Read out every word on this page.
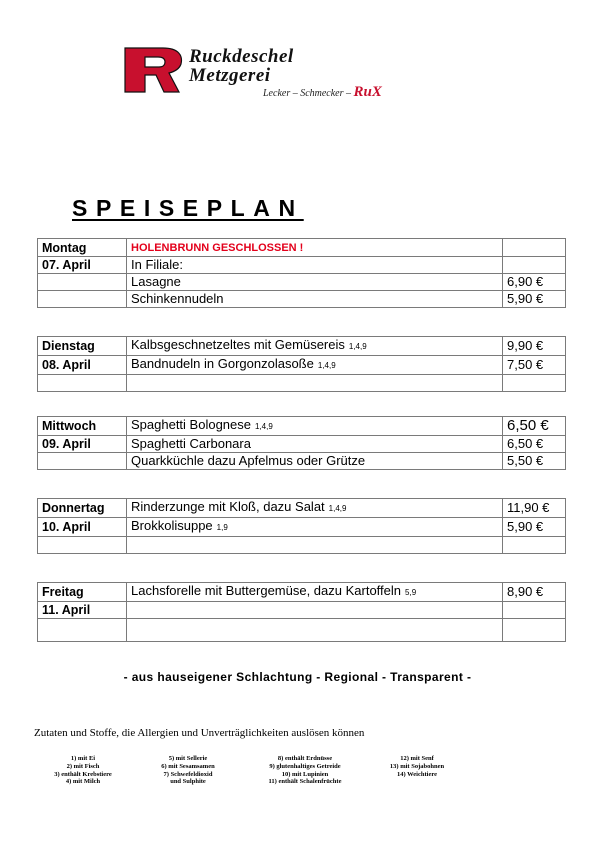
Ruckdeschel
Metzgerei
Lecker – Schmecker – RuX
SPEISEPLAN
Montag	HOLENBRUNN GESCHLOSSEN !	
07. April	In Filiale:	
	Lasagne	6,90 €
	Schinkennudeln	5,90 €
Dienstag	Kalbsgeschnetzeltes mit Gemüsereis 1,4,9	9,90 €
08. April	Bandnudeln in Gorgonzolasoße 1,4,9	7,50 €

Mittwoch	Spaghetti Bolognese 1,4,9	6,50 €
09. April	Spaghetti Carbonara	6,50 €
	Quarkküchle dazu Apfelmus oder Grütze	5,50 €
Donnertag	Rinderzunge mit Kloß, dazu Salat 1,4,9	11,90 €
10. April	Brokkolisuppe 1,9	5,90 €

Freitag	Lachsforelle mit Buttergemüse, dazu Kartoffeln 5,9	8,90 €
11. April		

- aus hauseigener Schlachtung - Regional - Transparent -
Zutaten und Stoffe, die Allergien und Unverträglichkeiten auslösen können
1) mit Ei
2) mit Fisch
3) enthält Krebstiere
4) mit Milch
5) mit Sellerie
6) mit Sesamsamen
7) Schwefeldioxid
und Sulphite
8) enthält Erdnüsse
9) glutenhaltiges Getreide
10) mit Lupinien
11) enthält Schalenfrüchte
12) mit Senf
13) mit Sojabohnen
14) Weichtiere
